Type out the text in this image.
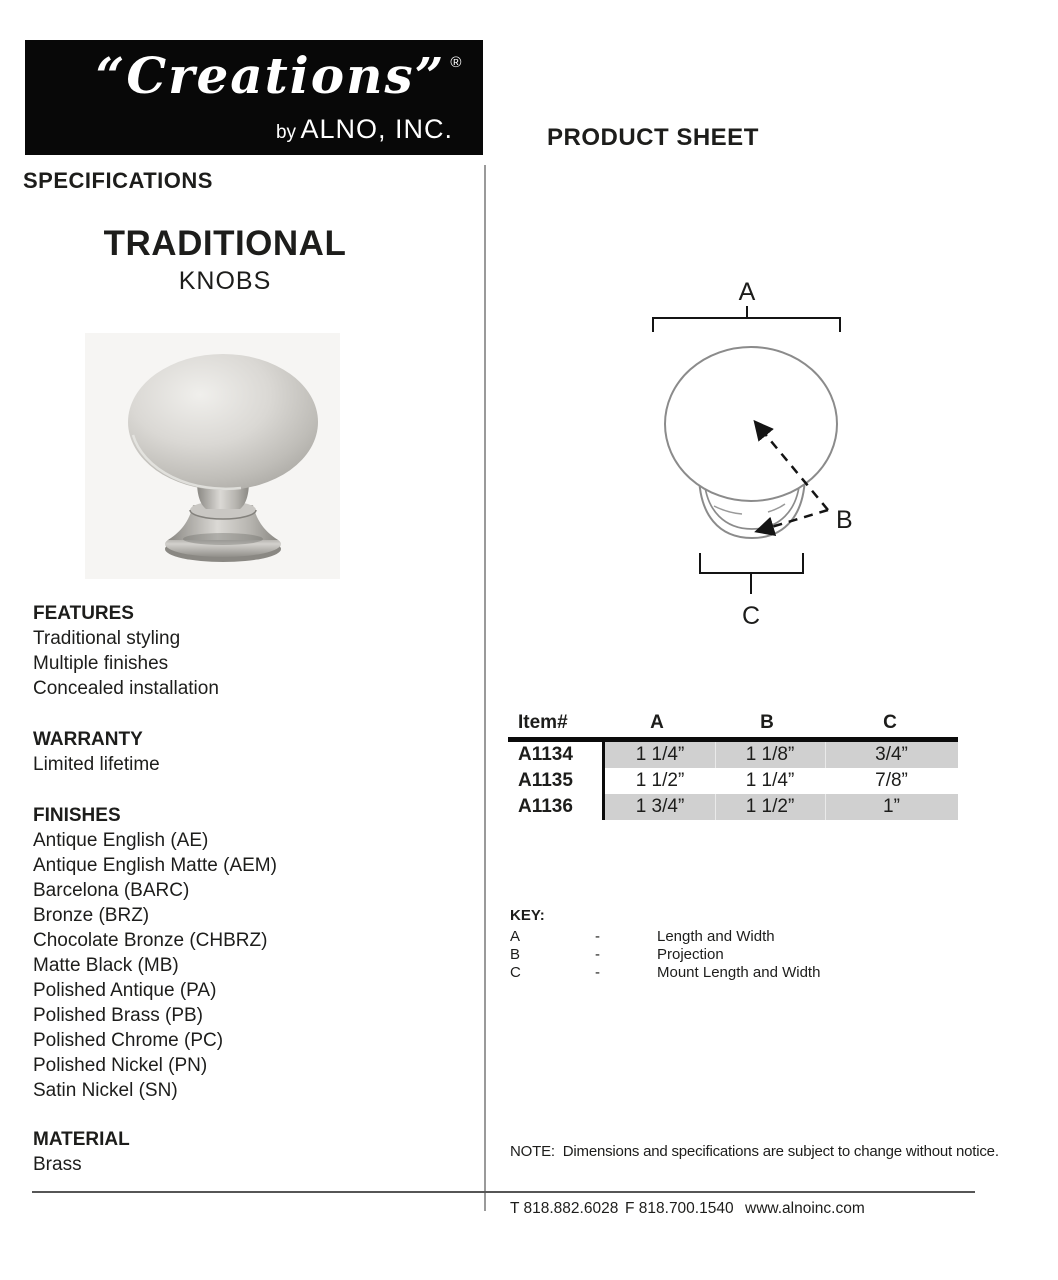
“Creations” ®
by ALNO, INC.	PRODUCT SHEET
SPECIFICATIONS
TRADITIONAL
KNOBS
FEATURES
Traditional styling
Multiple finishes
Concealed installation
WARRANTY
Limited lifetime
FINISHES
Antique English (AE)
Antique English Matte (AEM)
Barcelona (BARC)
Bronze (BRZ)
Chocolate Bronze (CHBRZ)
Matte Black (MB)
Polished Antique (PA)
Polished Brass (PB)
Polished Chrome (PC)
Polished Nickel (PN)
Satin Nickel (SN)
MATERIAL
Brass
A
B
C
Item#	A	B	C
A1134	1 1/4”	1 1/8”	3/4”
A1135	1 1/2”	1 1/4”	7/8”
A1136	1 3/4”	1 1/2”	1”
KEY:
A	-	Length and Width
B	-	Projection
C	-	Mount Length and Width
NOTE:  Dimensions and specifications are subject to change without notice.
T 818.882.6028 F 818.700.1540 www.alnoinc.com
